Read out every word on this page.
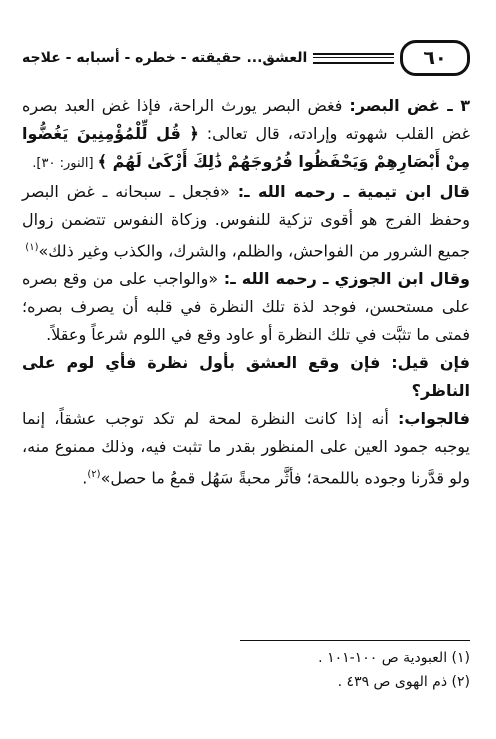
٦٠
العشق... حقيقته - خطره - أسبابه - علاجه

٣ ـ غض البصر: فغض البصر يورث الراحة، فإذا غض العبد بصره غض القلب شهوته وإرادته، قال تعالى: ﴿ قُل لِّلْمُؤْمِنِينَ يَغُضُّوا مِنْ أَبْصَارِهِمْ وَيَحْفَظُوا فُرُوجَهُمْ ذَٰلِكَ أَزْكَىٰ لَهُمْ ﴾ [النور: ٣٠].

قال ابن تيمية ـ رحمه الله ـ: «فجعل ـ سبحانه ـ غض البصر وحفظ الفرج هو أقوى تزكية للنفوس. وزكاة النفوس تتضمن زوال جميع الشرور من الفواحش، والظلم، والشرك، والكذب وغير ذلك»$^{(١)}$

وقال ابن الجوزي ـ رحمه الله ـ: «والواجب على من وقع بصره على مستحسن، فوجد لذة تلك النظرة في قلبه أن يصرف بصره؛ فمتى ما تثبَّت في تلك النظرة أو عاود وقع في اللوم شرعاً وعقلاً.

فإن قيل: فإن وقع العشق بأول نظرة فأي لوم على الناظر؟

فالجواب: أنه إذا كانت النظرة لمحة لم تكد توجب عشقاً، إنما يوجبه جمود العين على المنظور بقدر ما تثبت فيه، وذلك ممنوع منه، ولو قدَّرنا وجوده باللمحة؛ فأثَّر محبةً سَهُل قمعُ ما حصل»$^{(٢)}$.

(١) العبودية ص ١٠٠-١٠١ .
(٢) ذم الهوى ص ٤٣٩ .
